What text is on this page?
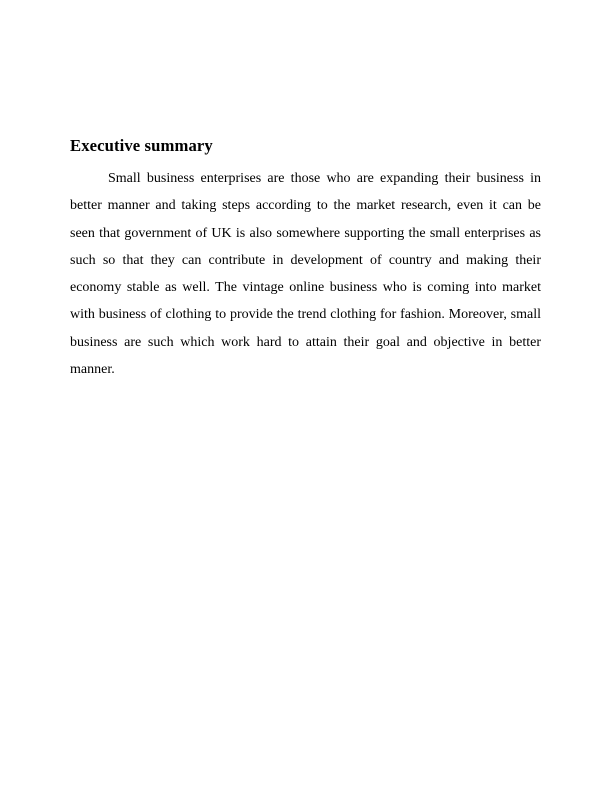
Executive summary

Small business enterprises are those who are expanding their business in better manner and taking steps according to the market research, even it can be seen that government of UK is also somewhere supporting the small enterprises as such so that they can contribute in development of country and making their economy stable as well. The vintage online business who is coming into market with business of clothing to provide the trend clothing for fashion. Moreover, small business are such which work hard to attain their goal and objective in better manner.
